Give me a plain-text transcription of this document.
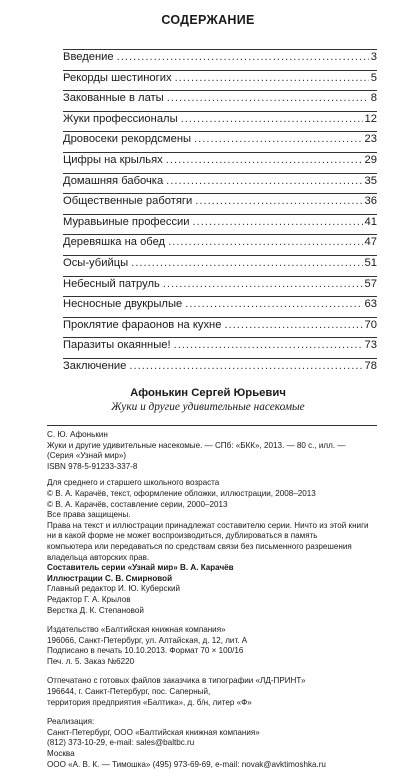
СОДЕРЖАНИЕ
Введение .....	3
Рекорды шестиногих .....	5
Закованные в латы .....	8
Жуки профессионалы .....	12
Дровосеки рекордсмены .....	23
Цифры на крыльях .....	29
Домашняя бабочка .....	35
Общественные работяги .....	36
Муравьиные профессии .....	41
Деревяшка на обед .....	47
Осы-убийцы .....	51
Небесный патруль .....	57
Несносные двукрылые .....	63
Проклятие фараонов на кухне .....	70
Паразиты окаянные! .....	73
Заключение .....	78
Афонькин Сергей Юрьевич
Жуки и другие удивительные насекомые

С. Ю. Афонькин

Жуки и другие удивительные насекомые. — СПб: «БКК», 2013. — 80 с., илл. —

(Серия «Узнай мир»)

ISBN 978-5-91233-337-8

Для среднего и старшего школьного возраста

© В. А. Карачёв, текст, оформление обложки, иллюстрации, 2008–2013

© В. А. Карачёв, составление серии, 2000–2013

Все права защищены.

Права на текст и иллюстрации принадлежат составителю серии. Ничто из этой книги

ни в какой форме не может воспроизводиться, дублироваться в память

компьютера или передаваться по средствам связи без письменного разрешения

владельца авторских прав.

Составитель серии «Узнай мир» В. А. Карачёв

Иллюстрации С. В. Смирновой

Главный редактор И. Ю. Куберский

Редактор Г. А. Крылов

Верстка Д. К. Степановой

Издательство «Балтийская книжная компания»

196066, Санкт-Петербург, ул. Алтайская, д. 12, лит. А

Подписано в печать 10.10.2013. Формат 70 × 100/16

Печ. л. 5. Заказ №6220

Отпечатано с готовых файлов заказчика в типографии «ЛД-ПРИНТ»

196644, г. Санкт-Петербург, пос. Саперный,

территория предприятия «Балтика», д. б/н, литер «Ф»

Реализация:

Санкт-Петербург, ООО «Балтийская книжная компания»

(812) 373-10-29, e-mail: sales@baltbc.ru

Москва

ООО «А. В. К. — Тимошка» (495) 973-69-69, e-mail: novak@avktimoshka.ru
